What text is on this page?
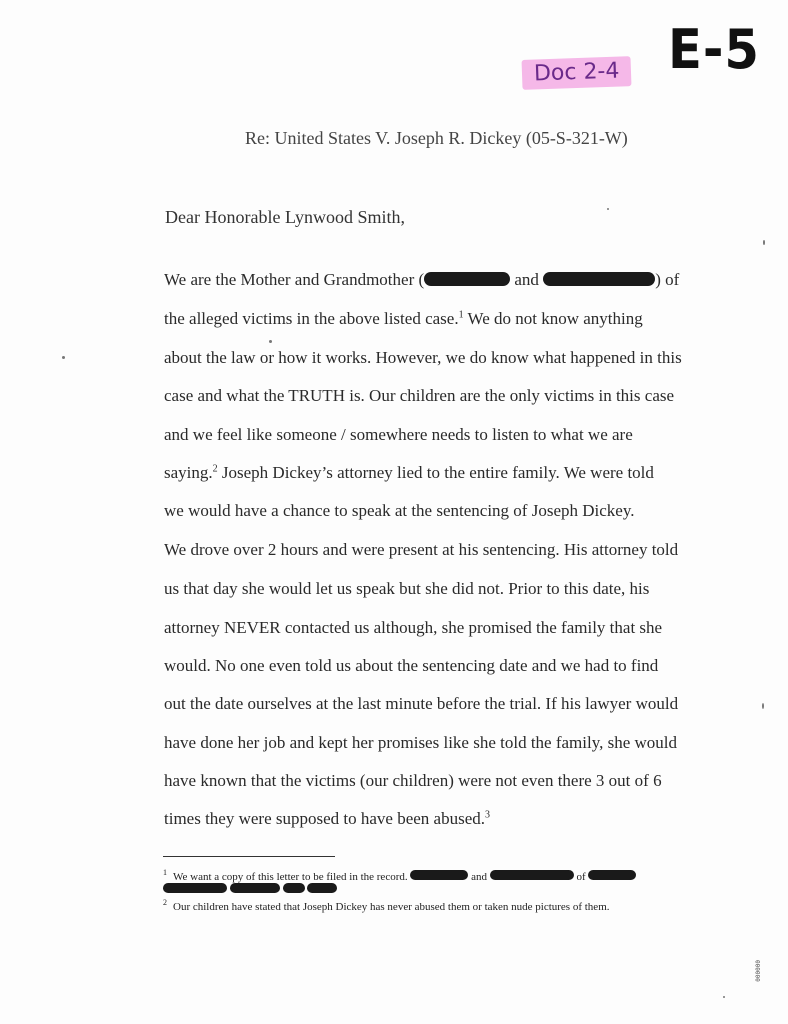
E-5
Doc 2-4
Re: United States V. Joseph R. Dickey (05-S-321-W)
Dear Honorable Lynwood Smith,
We are the Mother and Grandmother (	and	) of
the alleged victims in the above listed case.$^1$ We do not know anything
about the law or how it works. However, we do know what happened in this
case and what the TRUTH is. Our children are the only victims in this case
and we feel like someone / somewhere needs to listen to what we are
saying.$^2$ Joseph Dickey’s attorney lied to the entire family. We were told
we would have a chance to speak at the sentencing of Joseph Dickey.
We drove over 2 hours and were present at his sentencing. His attorney told
us that day she would let us speak but she did not. Prior to this date, his
attorney NEVER contacted us although, she promised the family that she
would. No one even told us about the sentencing date and we had to find
out the date ourselves at the last minute before the trial. If his lawyer would
have done her job and kept her promises like she told the family, she would
have known that the victims (our children) were not even there 3 out of 6
times they were supposed to have been abused.$^3$
$^1$ We want a copy of this letter to be filed in the record.	and	of

$^2$ Our children have stated that Joseph Dickey has never abused them or taken nude pictures of them.
000000
